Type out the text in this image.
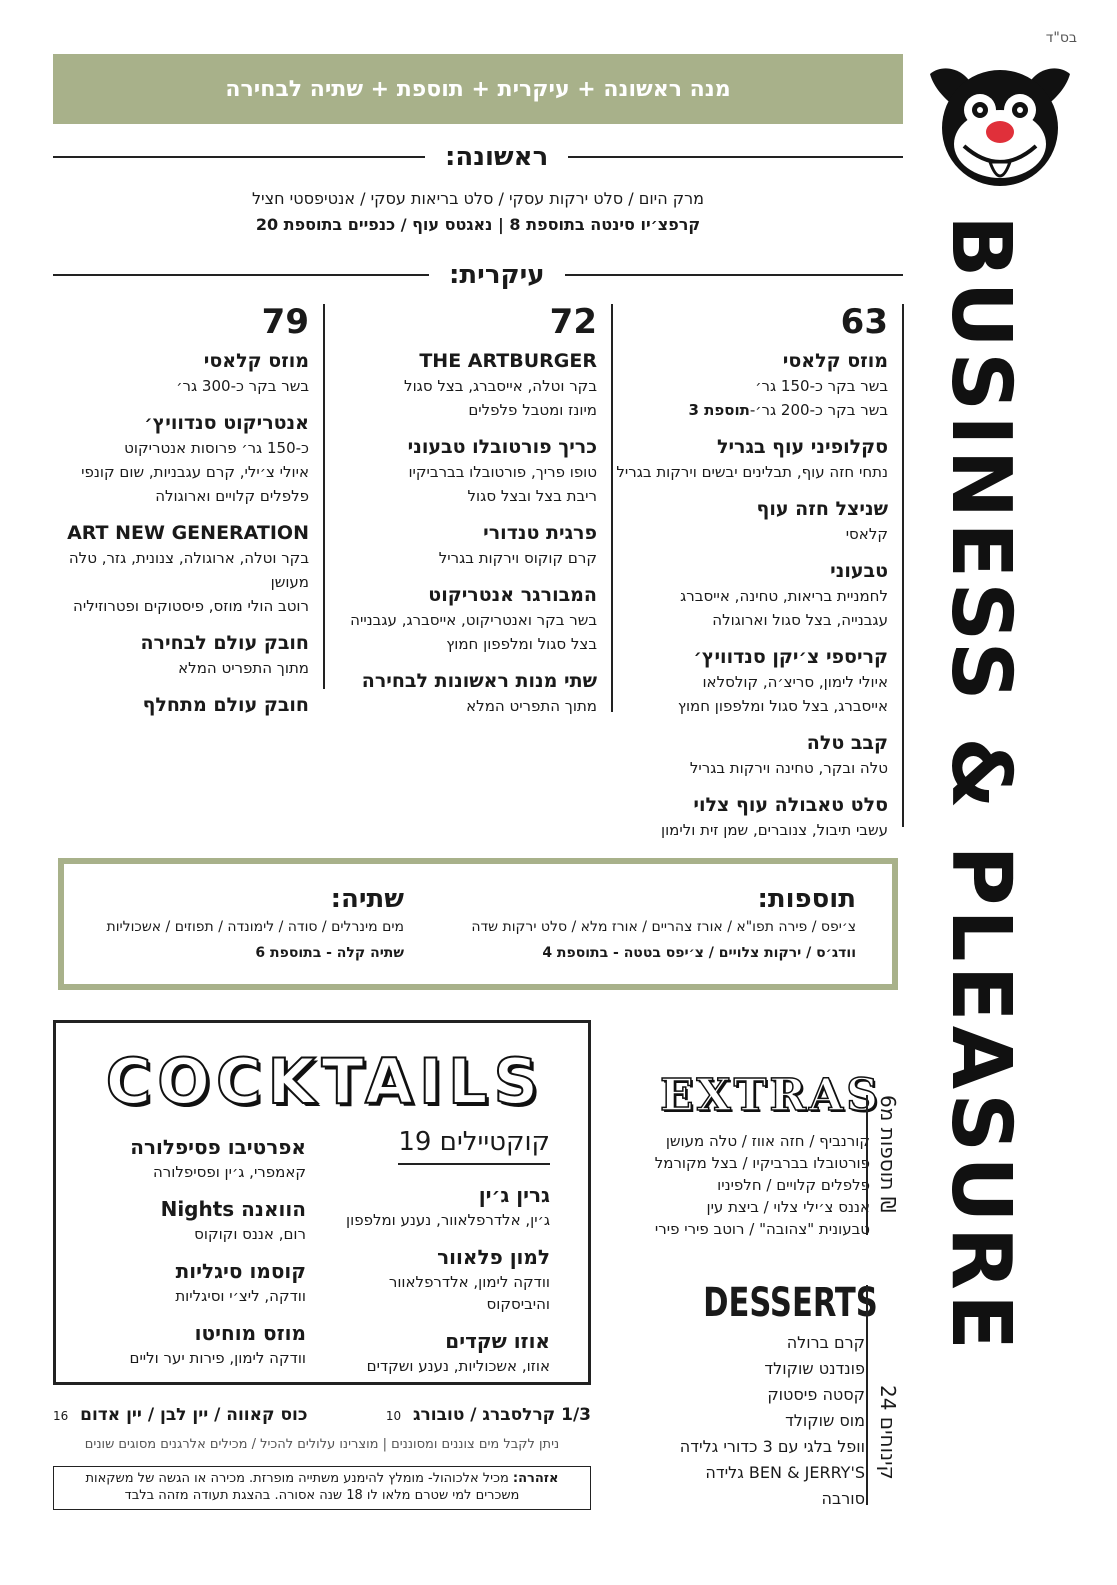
בס"ד
מנה ראשונה + עיקרית + תוספת + שתיה לבחירה
ראשונה:
מרק היום / סלט ירקות עסקי / סלט בריאות עסקי / אנטיפסטי חציל
קרפצ׳יו סינטה בתוספת 8 | נאגטס עוף / כנפיים בתוספת 20
עיקרית:
63
מוזס קלאסי
בשר בקר כ-150 גר׳
בשר בקר כ-200 גר׳-תוספת 3
סקלופיני עוף בגריל
נתחי חזה עוף, תבלינים יבשים וירקות בגריל
שניצל חזה עוף
קלאסי
טבעוני
לחמניית בריאות, טחינה, אייסברג
עגבנייה, בצל סגול וארוגולה
קריספי צ׳יקן סנדוויץ׳
איולי לימון, סריצ׳ה, קולסלאו
אייסברג, בצל סגול ומלפפון חמוץ
קבב טלה
טלה ובקר, טחינה וירקות בגריל
סלט טאבולה עוף צלוי
עשבי תיבול, צנוברים, שמן זית ולימון
72
THE ARTBURGER
בקר וטלה, אייסברג, בצל סגול
מיונז ומטבל פלפלים
כריך פורטובלו טבעוני
טופו פריך, פורטובלו בברביקיו
ריבת בצל ובצל סגול
פרגית טנדורי
קרם קוקוס וירקות בגריל
המבורגר אנטריקוט
בשר בקר ואנטריקוט, אייסברג, עגבנייה
בצל סגול ומלפפון חמוץ
שתי מנות ראשונות לבחירה
מתוך התפריט המלא
79
מוזס קלאסי
בשר בקר כ-300 גר׳
אנטריקוט סנדוויץ׳
כ-150 גר׳ פרוסות אנטריקוט
איולי צ׳ילי, קרם עגבניות, שום קונפי
פלפלים קלויים וארוגולה
ART NEW GENERATION
בקר וטלה, ארוגולה, צנונית, גזר, טלה מעושן
רוטב הולי מוזס, פיסטוקים ופטרוזיליה
חובק עולם לבחירה
מתוך התפריט המלא
חובק עולם מתחלף
תוספות:
צ׳יפס / פירה תפו"א / אורז צהריים / אורז מלא / סלט ירקות שדה
וודג׳ס / ירקות צלויים / צ׳יפס בטטה - בתוספת 4
שתיה:
מים מינרלים / סודה / לימונדה / תפוזים / אשכוליות
שתיה קלה - בתוספת 6
COCKTAILS
קוקטיילים 19
גרין ג׳ין
ג׳ין, אלדרפלאוור, נענע ומלפפון
למון פלאוור
וודקה לימון, אלדרפלאוור והיביסקוס
אוזו שקדים
אוזו, אשכוליות, נענע ושקדים
אפרטיבו פסיפלורה
קאמפרי, ג׳ין ופסיפלורה
הוואנה Nights
רום, אננס וקוקוס
קוסמו סיגליות
וודקה, ליצ׳י וסיגליות
מוזס מוחיטו
וודקה לימון, פירות יער וליים
1/3 קרלסברג / טובורג  10
כוס קאווה / יין לבן / יין אדום  16
ניתן לקבל מים צוננים ומסוננים | מוצרינו עלולים להכיל / מכילים אלרגנים מסוגים שונים
אזהרה: מכיל אלכוהול- מומלץ להימנע משתייה מופרזת. מכירה או הגשה של משקאות
משכרים למי שטרם מלאו לו 18 שנה אסורה. בהצגת תעודה מזהה בלבד
EXTRAS
קורנביף / חזה אווז / טלה מעושן
פורטובלו בברביקיו / בצל מקורמל
פלפלים קלויים / חלפיניו
אננס צ׳ילי צלוי / ביצת עין
טבעונית "צהובה" / רוטב פירי פירי
תוספות מ6 ₪
DESSERTS
קרם ברולה
פונדנט שוקולד
קסטה פיסטוק
מוס שוקולד
וופל בלגי עם 3 כדורי גלידה
BEN & JERRY'S גלידה
סורבה
קינוחים 24
BUSINESS & PLEASURE
